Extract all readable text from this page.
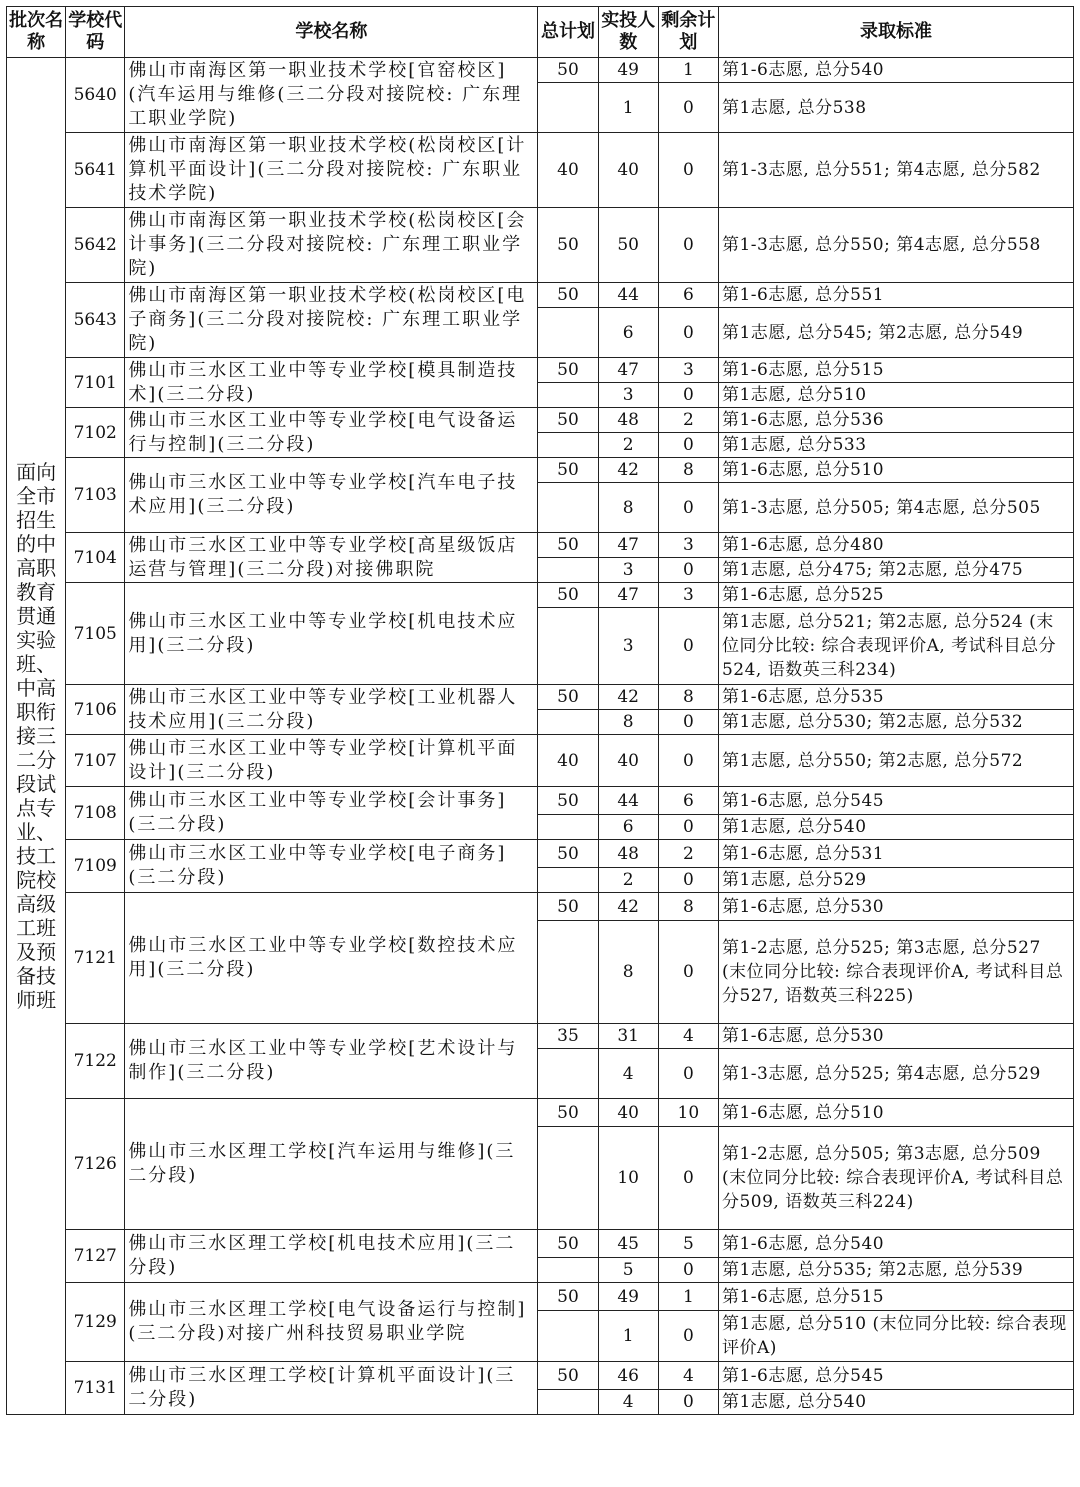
批次名称	学校代码	学校名称	总计划	实投人数	剩余计划	录取标准
面向全市招生的中高职教育贯通实验班、中高职衔接三二分段试点专业、技工院校高级工班及预备技师班	5640	佛山市南海区第一职业技术学校[官窑校区](汽车运用与维修(三二分段对接院校: 广东理工职业学院)	50	49	1	第1-6志愿, 总分540
				1	0	第1志愿, 总分538
	5641	佛山市南海区第一职业技术学校(松岗校区[计算机平面设计](三二分段对接院校: 广东职业技术学院)	40	40	0	第1-3志愿, 总分551; 第4志愿, 总分582
	5642	佛山市南海区第一职业技术学校(松岗校区[会计事务](三二分段对接院校: 广东理工职业学院)	50	50	0	第1-3志愿, 总分550; 第4志愿, 总分558
	5643	佛山市南海区第一职业技术学校(松岗校区[电子商务](三二分段对接院校: 广东理工职业学院)	50	44	6	第1-6志愿, 总分551
				6	0	第1志愿, 总分545; 第2志愿, 总分549
	7101	佛山市三水区工业中等专业学校[模具制造技术](三二分段)	50	47	3	第1-6志愿, 总分515
				3	0	第1志愿, 总分510
	7102	佛山市三水区工业中等专业学校[电气设备运行与控制](三二分段)	50	48	2	第1-6志愿, 总分536
				2	0	第1志愿, 总分533
	7103	佛山市三水区工业中等专业学校[汽车电子技术应用](三二分段)	50	42	8	第1-6志愿, 总分510
				8	0	第1-3志愿, 总分505; 第4志愿, 总分505
	7104	佛山市三水区工业中等专业学校[高星级饭店运营与管理](三二分段)对接佛职院	50	47	3	第1-6志愿, 总分480
				3	0	第1志愿, 总分475; 第2志愿, 总分475
	7105	佛山市三水区工业中等专业学校[机电技术应用](三二分段)	50	47	3	第1-6志愿, 总分525
				3	0	第1志愿, 总分521; 第2志愿, 总分524 (末位同分比较: 综合表现评价A, 考试科目总分524, 语数英三科234)
	7106	佛山市三水区工业中等专业学校[工业机器人技术应用](三二分段)	50	42	8	第1-6志愿, 总分535
				8	0	第1志愿, 总分530; 第2志愿, 总分532
	7107	佛山市三水区工业中等专业学校[计算机平面设计](三二分段)	40	40	0	第1志愿, 总分550; 第2志愿, 总分572
	7108	佛山市三水区工业中等专业学校[会计事务](三二分段)	50	44	6	第1-6志愿, 总分545
				6	0	第1志愿, 总分540
	7109	佛山市三水区工业中等专业学校[电子商务](三二分段)	50	48	2	第1-6志愿, 总分531
				2	0	第1志愿, 总分529
	7121	佛山市三水区工业中等专业学校[数控技术应用](三二分段)	50	42	8	第1-6志愿, 总分530
				8	0	第1-2志愿, 总分525; 第3志愿, 总分527 (末位同分比较: 综合表现评价A, 考试科目总分527, 语数英三科225)
	7122	佛山市三水区工业中等专业学校[艺术设计与制作](三二分段)	35	31	4	第1-6志愿, 总分530
				4	0	第1-3志愿, 总分525; 第4志愿, 总分529
	7126	佛山市三水区理工学校[汽车运用与维修](三二分段)	50	40	10	第1-6志愿, 总分510
				10	0	第1-2志愿, 总分505; 第3志愿, 总分509 (末位同分比较: 综合表现评价A, 考试科目总分509, 语数英三科224)
	7127	佛山市三水区理工学校[机电技术应用](三二分段)	50	45	5	第1-6志愿, 总分540
				5	0	第1志愿, 总分535; 第2志愿, 总分539
	7129	佛山市三水区理工学校[电气设备运行与控制](三二分段)对接广州科技贸易职业学院	50	49	1	第1-6志愿, 总分515
				1	0	第1志愿, 总分510 (末位同分比较: 综合表现评价A)
	7131	佛山市三水区理工学校[计算机平面设计](三二分段)	50	46	4	第1-6志愿, 总分545
				4	0	第1志愿, 总分540
